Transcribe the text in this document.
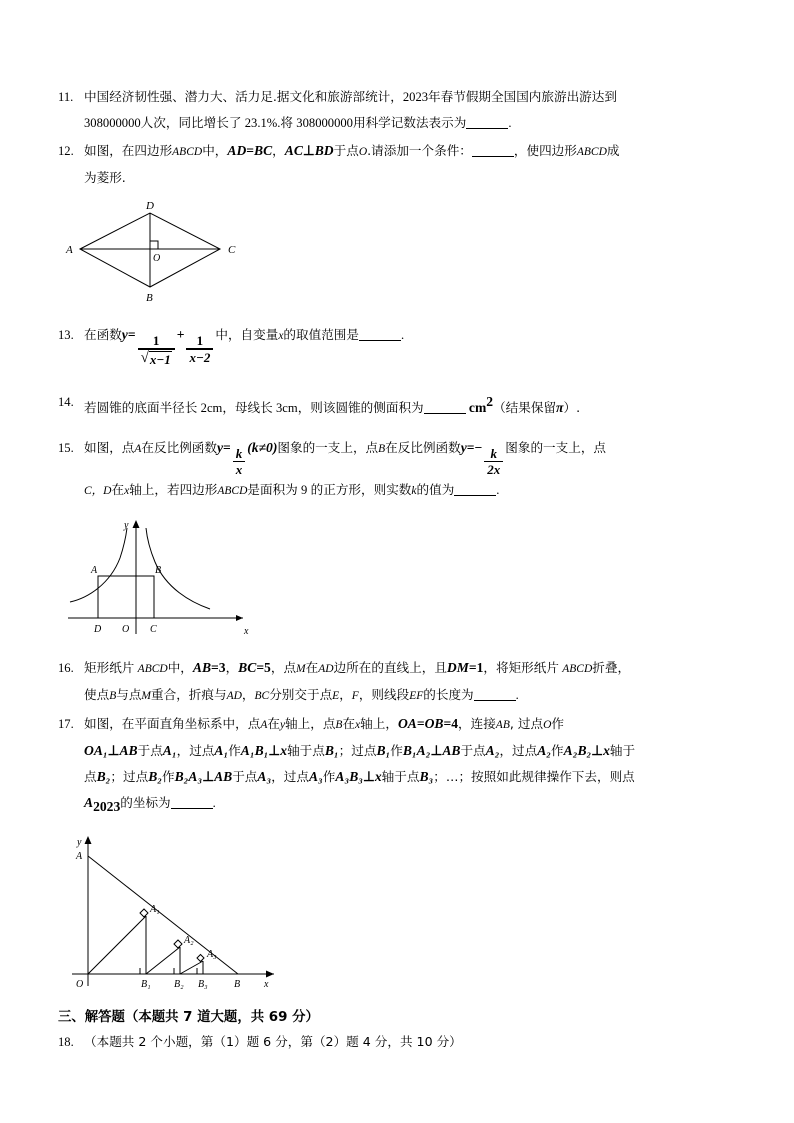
11. 中国经济韧性强、潜力大、活力足.据文化和旅游部统计，2023年春节假期全国国内旅游出游达到
308000000人次，同比增长了 23.1%.将 308000000用科学记数法表示为	.
12. 如图，在四边形ABCD中，AD=BC，AC⊥BD于点O.请添加一个条件：	，使四边形ABCD成
为菱形.
D
A	C
B
O
13. 在函数$y= \frac{1}{√ x-1} + \frac{1}{x-2}$ 中，自变量x的取值范围是	.
14. 若圆锥的底面半径长 2cm，母线长 3cm，则该圆锥的侧面积为	$cm^2$（结果保留π）.
15. 如图，点A在反比例函数$y= \frac{k}{x} (k\ne 0)$图象的一支上，点B在反比例函数$y=- \frac{k}{2x}$ 图象的一支上，点
C，D在x轴上，若四边形ABCD是面积为 9 的正方形，则实数k的值为	.
A	B
D	C
O	x
y
16. 矩形纸片 ABCD中，AB=3，BC=5，点M在AD边所在的直线上，且DM=1，将矩形纸片 ABCD折叠，
使点B与点M重合，折痕与AD，BC分别交于点E，F，则线段EF的长度为	.
17. 如图，在平面直角坐标系中，点A在y轴上，点B在x轴上，OA=OB=4，连接AB, 过点O作
OA₁⊥AB于点A₁，过点A₁作A₁B₁⊥x轴于点B₁；过点B₁作B₁A₂⊥AB于点A₂，过点A₂作A₂B₂⊥x轴于
点B₂；过点B₂作B₂A₃⊥AB于点A₃，过点A₃作A₃B₃⊥x轴于点B₃；…；按照如此规律操作下去，则点
$A_{2023}$的坐标为	.
A
O
A₁
A₂
A₃
B₁ B₂ B₃	B x
y
三、解答题（本题共 7 道大题，共 69 分）
18. （本题共 2 个小题，第（1）题 6 分，第（2）题 4 分，共 10 分）
